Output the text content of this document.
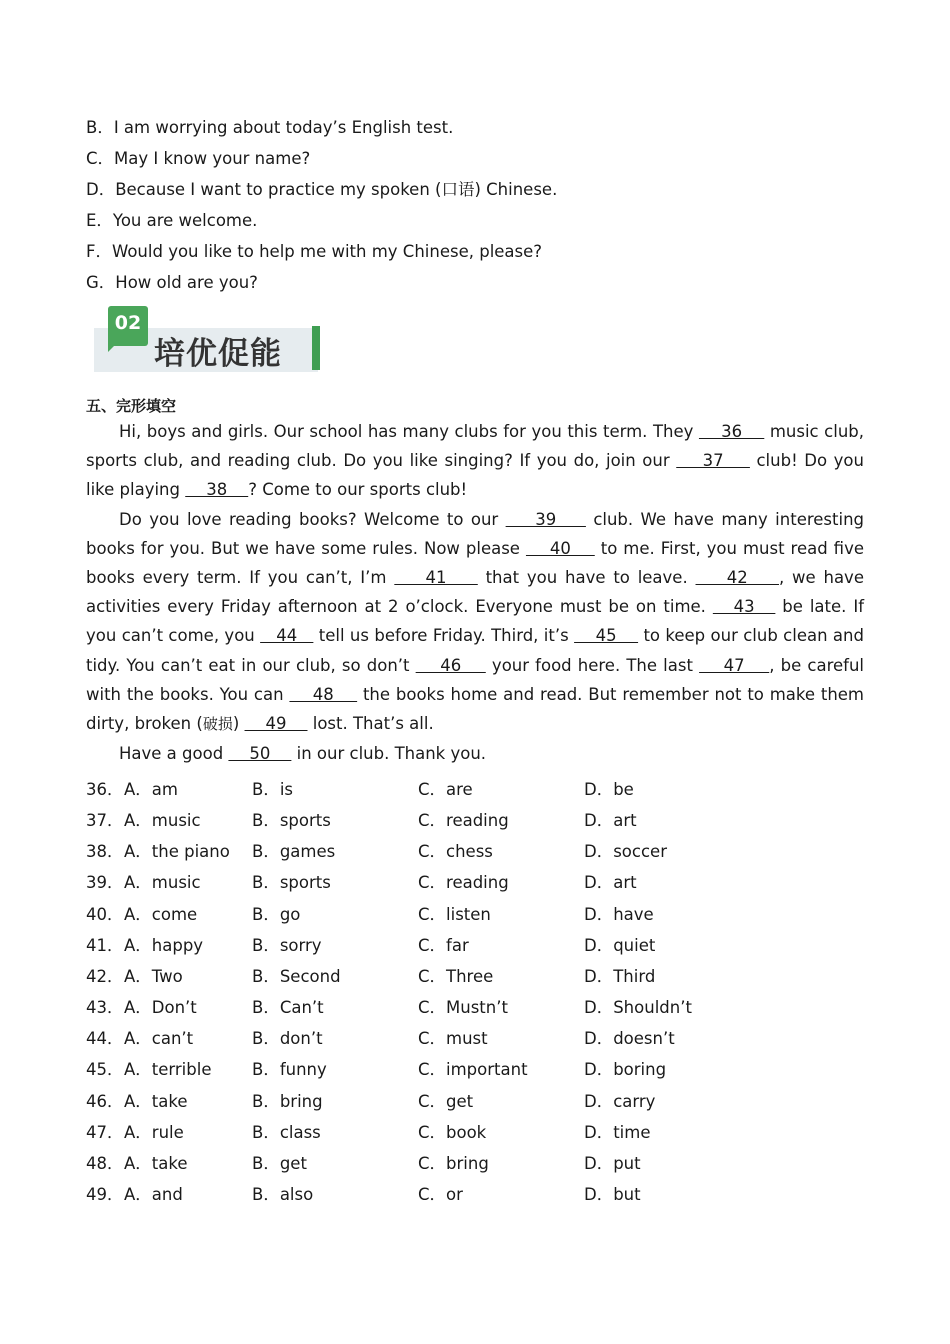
B．I am worrying about today’s English test.
C．May I know your name?
D．Because I want to practice my spoken (口语) Chinese.
E．You are welcome.
F．Would you like to help me with my Chinese, please?
G．How old are you?
02
培优促能
五、完形填空

Hi, boys and girls. Our school has many clubs for you this term. They     36     music club, sports club, and reading club. Do you like singing? If you do, join our     37     club! Do you like playing     38    ? Come to our sports club!

Do you love reading books? Welcome to our     39     club. We have many interesting books for you. But we have some rules. Now please     40     to me. First, you must read five books every term. If you can’t, I’m     41     that you have to leave.     42    , we have activities every Friday afternoon at 2 o’clock. Everyone must be on time.    43    be late. If you can’t come, you    44    tell us before Friday. Third, it’s     45     to keep our club clean and tidy. You can’t eat in our club, so don’t     46     your food here. The last     47    , be careful with the books. You can     48     the books home and read. But remember not to make them dirty, broken (破损)     49     lost. That’s all.

Have a good     50     in our club. Thank you.

36． A．am	B．is	C．are	D．be
37． A．music	B．sports	C．reading	D．art
38． A．the piano B．games	C．chess	D．soccer
39． A．music	B．sports	C．reading	D．art
40． A．come	B．go	C．listen	D．have
41． A．happy	B．sorry	C．far	D．quiet
42． A．Two	B．Second	C．Three	D．Third
43． A．Don’t	B．Can’t	C．Mustn’t	D．Shouldn’t
44． A．can’t	B．don’t	C．must	D．doesn’t
45． A．terrible B．funny	C．important	D．boring
46． A．take	B．bring	C．get	D．carry
47． A．rule	B．class	C．book	D．time
48． A．take	B．get	C．bring	D．put
49． A．and	B．also	C．or	D．but
